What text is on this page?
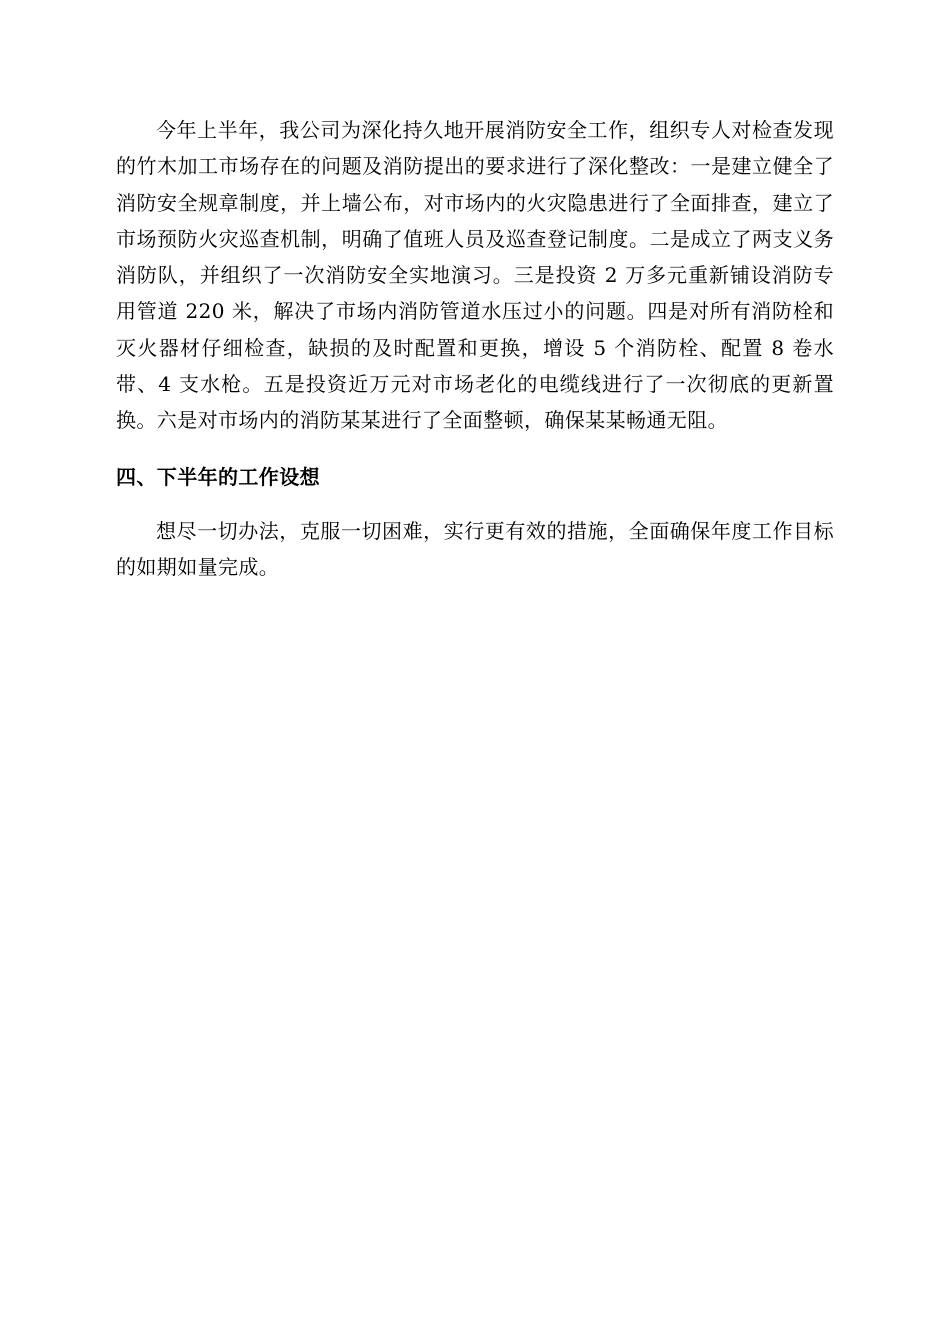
今年上半年，我公司为深化持久地开展消防安全工作，组织专人对检查发现的竹木加工市场存在的问题及消防提出的要求进行了深化整改：一是建立健全了消防安全规章制度，并上墙公布，对市场内的火灾隐患进行了全面排查，建立了市场预防火灾巡查机制，明确了值班人员及巡查登记制度。二是成立了两支义务消防队，并组织了一次消防安全实地演习。三是投资 2 万多元重新铺设消防专用管道 220 米，解决了市场内消防管道水压过小的问题。四是对所有消防栓和灭火器材仔细检查，缺损的及时配置和更换，增设 5 个消防栓、配置 8 卷水带、4 支水枪。五是投资近万元对市场老化的电缆线进行了一次彻底的更新置换。六是对市场内的消防某某进行了全面整顿，确保某某畅通无阻。

四、下半年的工作设想

想尽一切办法，克服一切困难，实行更有效的措施，全面确保年度工作目标的如期如量完成。
